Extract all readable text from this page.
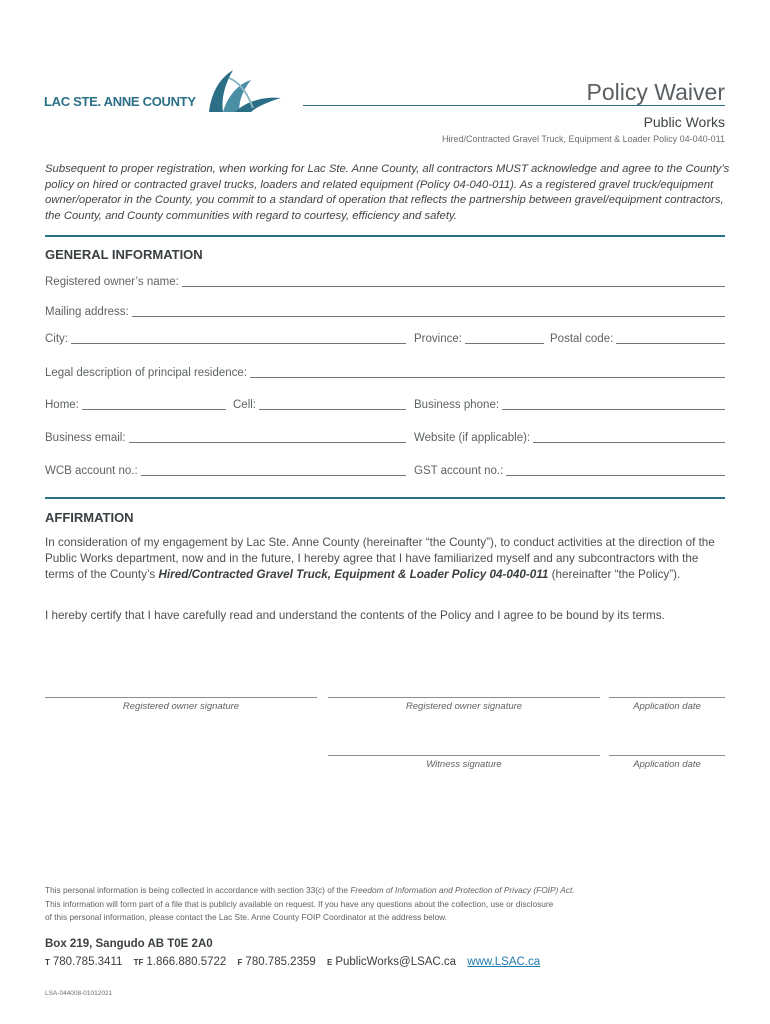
LAC STE. ANNE COUNTY	Policy Waiver
Public Works
Hired/Contracted Gravel Truck, Equipment & Loader Policy 04-040-011
Subsequent to proper registration, when working for Lac Ste. Anne County, all contractors MUST acknowledge and agree to the County’s policy on hired or contracted gravel trucks, loaders and related equipment (Policy 04-040-011). As a registered gravel truck/equipment owner/operator in the County, you commit to a standard of operation that reflects the partnership between gravel/equipment contractors, the County, and County communities with regard to courtesy, efficiency and safety.
GENERAL INFORMATION
Registered owner’s name:
Mailing address:
City:	Province:	Postal code:
Legal description of principal residence:
Home:	Cell:	Business phone:
Business email:	Website (if applicable):
WCB account no.:	GST account no.:
AFFIRMATION
In consideration of my engagement by Lac Ste. Anne County (hereinafter “the County”), to conduct activities at the direction of the Public Works department, now and in the future, I hereby agree that I have familiarized myself and any subcontractors with the terms of the County’s Hired/Contracted Gravel Truck, Equipment & Loader Policy 04-040-011 (hereinafter “the Policy”).
I hereby certify that I have carefully read and understand the contents of the Policy and I agree to be bound by its terms.
Registered owner signature	Registered owner signature	Application date
Witness signature	Application date
This personal information is being collected in accordance with section 33(c) of the Freedom of Information and Protection of Privacy (FOIP) Act.
This information will form part of a file that is publicly available on request. If you have any questions about the collection, use or disclosure
of this personal information, please contact the Lac Ste. Anne County FOIP Coordinator at the address below.
Box 219, Sangudo AB T0E 2A0
T 780.785.3411 TF 1.866.880.5722 F 780.785.2359 E PublicWorks@LSAC.ca www.LSAC.ca
LSA-044008-01012021
